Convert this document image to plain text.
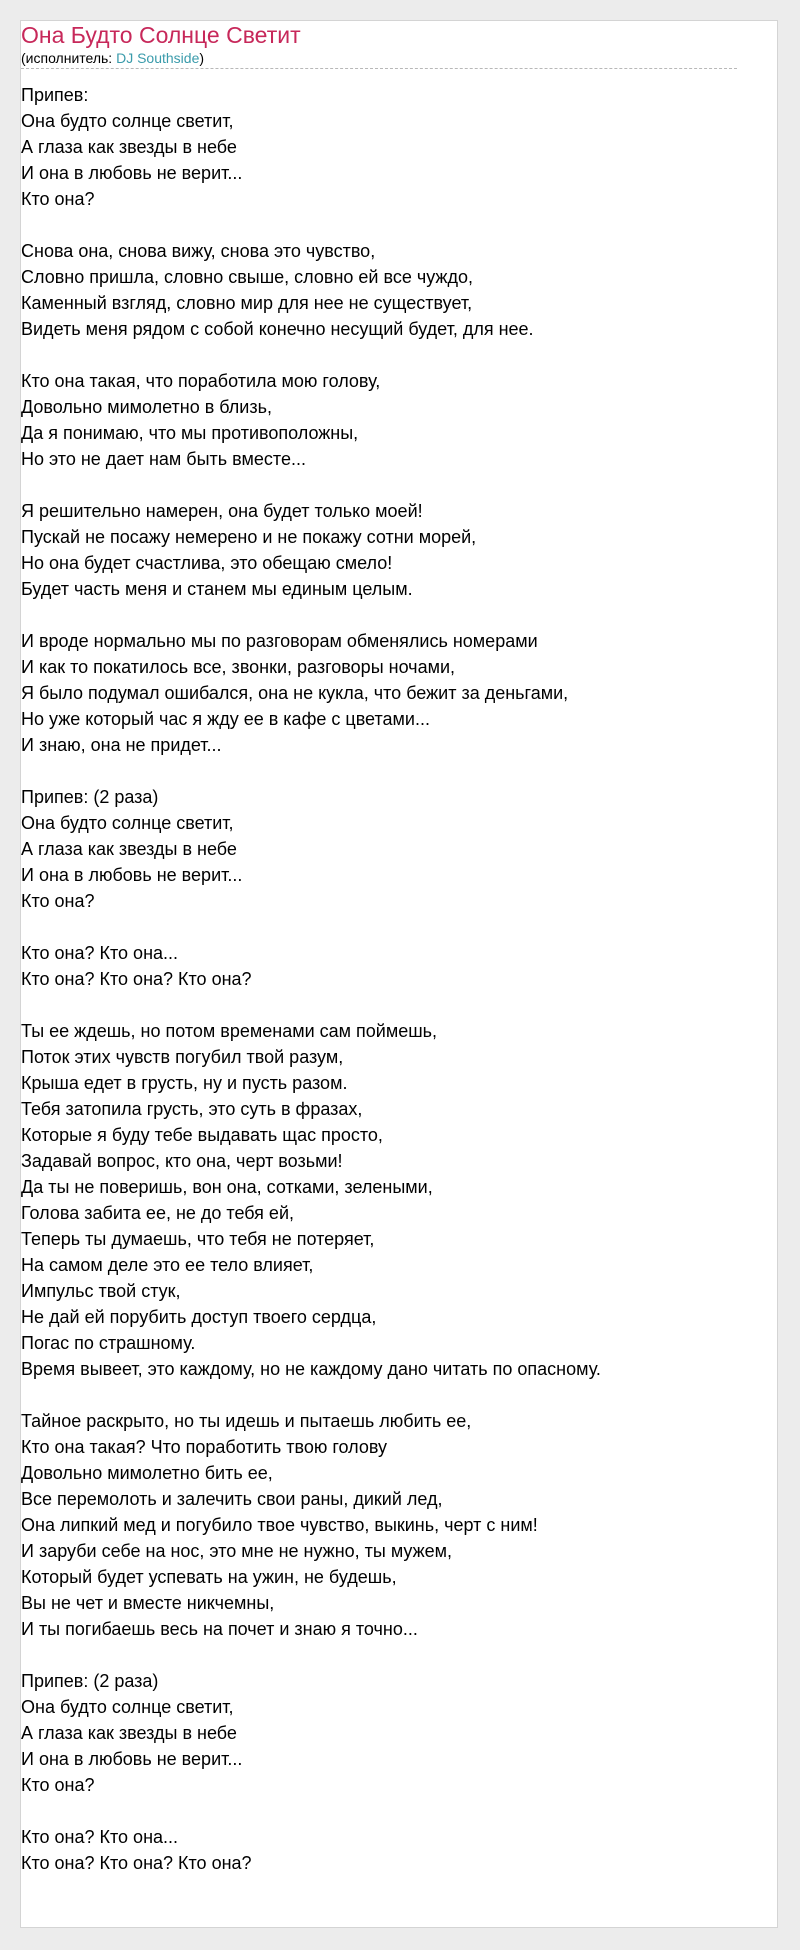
Она Будто Солнце Светит
(исполнитель: DJ Southside)
Припев:
Она будто солнце светит,
А глаза как звезды в небе
И она в любовь не верит...
Кто она?
Снова она, снова вижу, снова это чувство,
Словно пришла, словно свыше, словно ей все чуждо,
Каменный взгляд, словно мир для нее не существует,
Видеть меня рядом с собой конечно несущий будет, для нее.
Кто она такая, что поработила мою голову,
Довольно мимолетно в близь,
Да я понимаю, что мы противоположны,
Но это не дает нам быть вместе...
Я решительно намерен, она будет только моей!
Пускай не посажу немерено и не покажу сотни морей,
Но она будет счастлива, это обещаю смело!
Будет часть меня и станем мы единым целым.
И вроде нормально мы по разговорам обменялись номерами
И как то покатилось все, звонки, разговоры ночами,
Я было подумал ошибался, она не кукла, что бежит за деньгами,
Но уже который час я жду ее в кафе с цветами...
И знаю, она не придет...
Припев: (2 раза)
Она будто солнце светит,
А глаза как звезды в небе
И она в любовь не верит...
Кто она?
Кто она? Кто она...
Кто она? Кто она? Кто она?
Ты ее ждешь, но потом временами сам поймешь,
Поток этих чувств погубил твой разум,
Крыша едет в грусть, ну и пусть разом.
Тебя затопила грусть, это суть в фразах,
Которые я буду тебе выдавать щас просто,
Задавай вопрос, кто она, черт возьми!
Да ты не поверишь, вон она, сотками, зелеными,
Голова забита ее, не до тебя ей,
Теперь ты думаешь, что тебя не потеряет,
На самом деле это ее тело влияет,
Импульс твой стук,
Не дай ей порубить доступ твоего сердца,
Погас по страшному.
Время вывеет, это каждому, но не каждому дано читать по опасному.
Тайное раскрыто, но ты идешь и пытаешь любить ее,
Кто она такая? Что поработить твою голову
Довольно мимолетно бить ее,
Все перемолоть и залечить свои раны, дикий лед,
Она липкий мед и погубило твое чувство, выкинь, черт с ним!
И заруби себе на нос, это мне не нужно, ты мужем,
Который будет успевать на ужин, не будешь,
Вы не чет и вместе никчемны,
И ты погибаешь весь на почет и знаю я точно...
Припев: (2 раза)
Она будто солнце светит,
А глаза как звезды в небе
И она в любовь не верит...
Кто она?
Кто она? Кто она...
Кто она? Кто она? Кто она?
